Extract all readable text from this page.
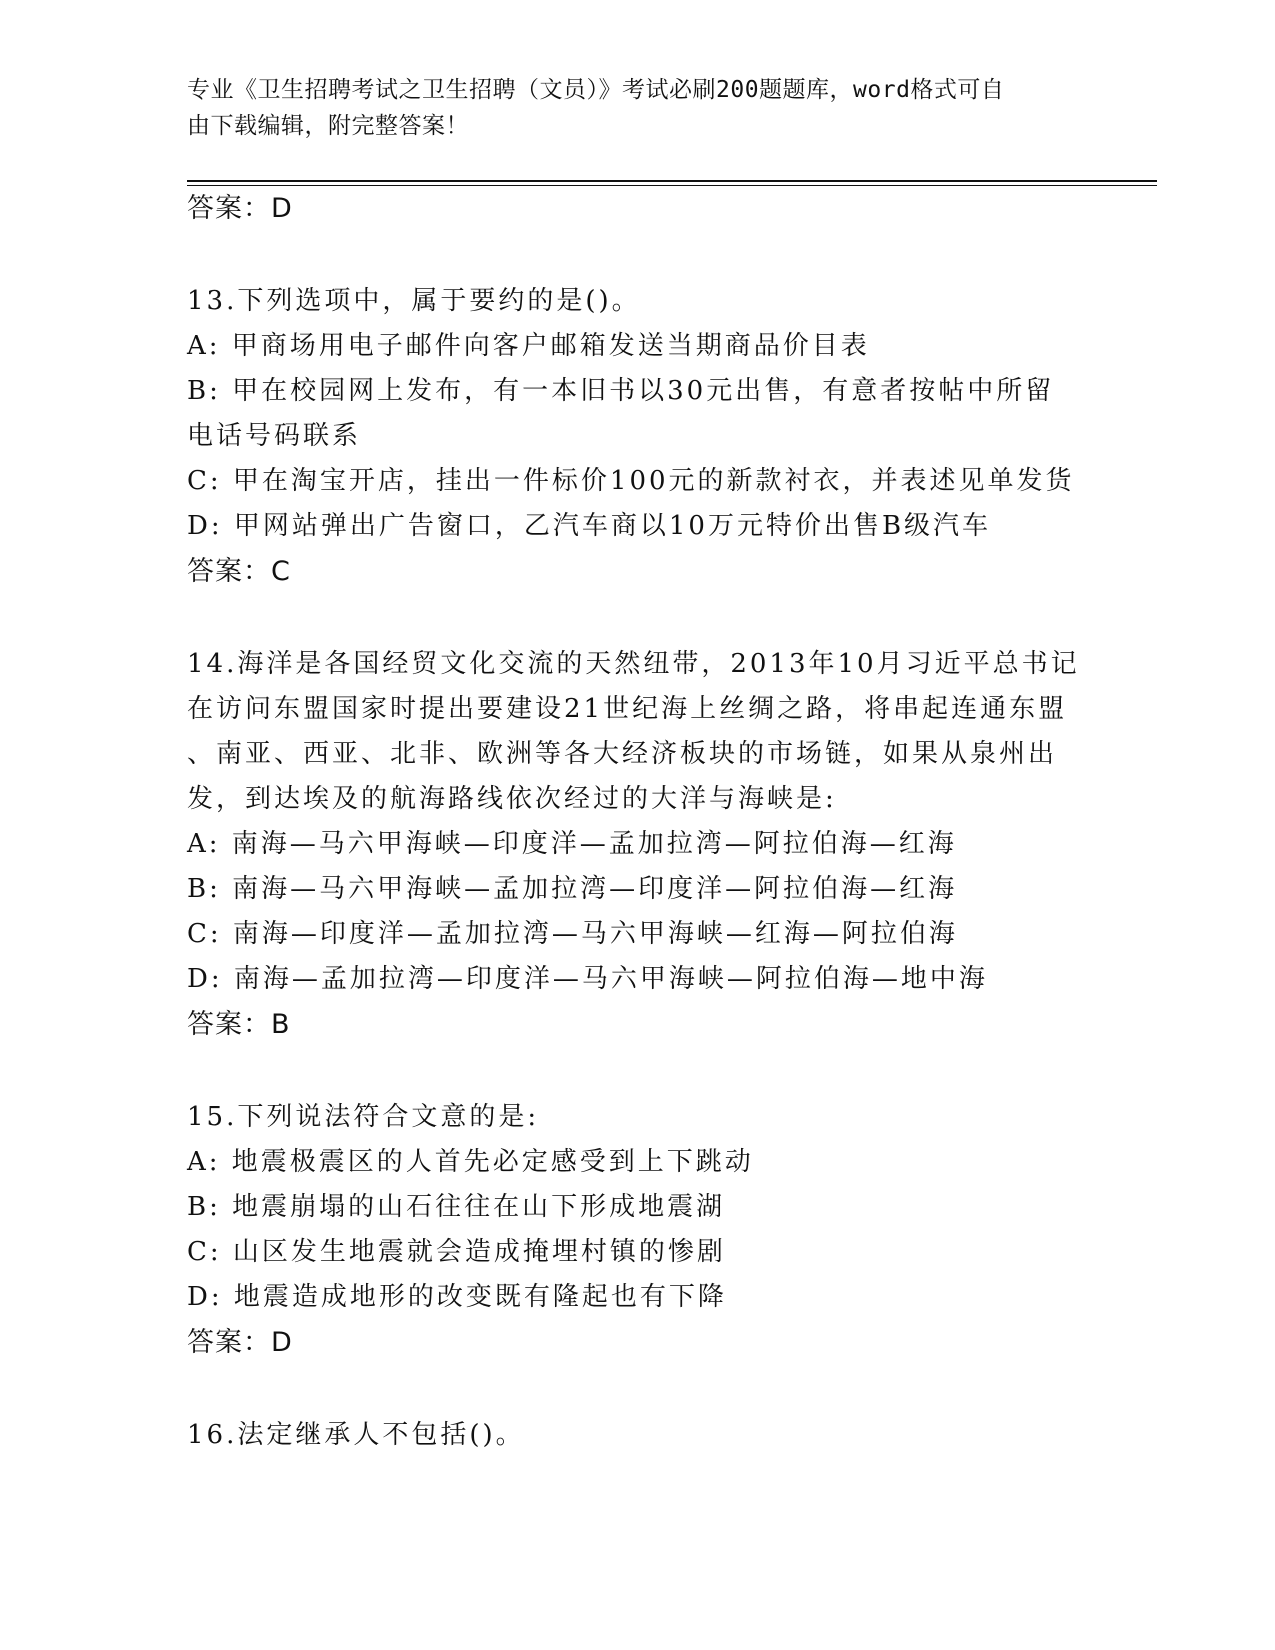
专业《卫生招聘考试之卫生招聘（文员）》考试必刷200题题库，word格式可自
由下载编辑，附完整答案！
答案：D
13.下列选项中，属于要约的是()。
A: 甲商场用电子邮件向客户邮箱发送当期商品价目表
B: 甲在校园网上发布，有一本旧书以30元出售，有意者按帖中所留
电话号码联系
C: 甲在淘宝开店，挂出一件标价100元的新款衬衣，并表述见单发货
D: 甲网站弹出广告窗口，乙汽车商以10万元特价出售B级汽车
答案：C
14.海洋是各国经贸文化交流的天然纽带，2013年10月习近平总书记
在访问东盟国家时提出要建设21世纪海上丝绸之路，将串起连通东盟
、南亚、西亚、北非、欧洲等各大经济板块的市场链，如果从泉州出
发，到达埃及的航海路线依次经过的大洋与海峡是:
A: 南海—马六甲海峡—印度洋—孟加拉湾—阿拉伯海—红海
B: 南海—马六甲海峡—孟加拉湾—印度洋—阿拉伯海—红海
C: 南海—印度洋—孟加拉湾—马六甲海峡—红海—阿拉伯海
D: 南海—孟加拉湾—印度洋—马六甲海峡—阿拉伯海—地中海
答案：B
15.下列说法符合文意的是:
A: 地震极震区的人首先必定感受到上下跳动
B: 地震崩塌的山石往往在山下形成地震湖
C: 山区发生地震就会造成掩埋村镇的惨剧
D: 地震造成地形的改变既有隆起也有下降
答案：D
16.法定继承人不包括()。
